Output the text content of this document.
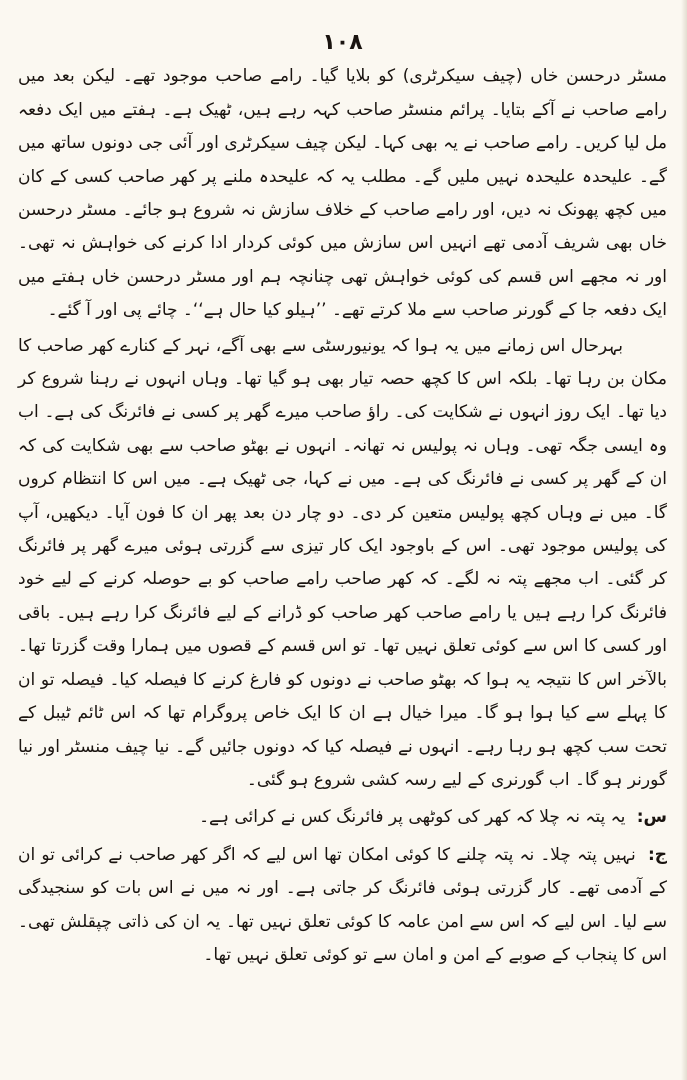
۱۰۸

مسٹر درحسن خاں (چیف سیکرٹری) کو بلایا گیا۔ رامے صاحب موجود تھے۔ لیکن بعد میں رامے صاحب نے آکے بتایا۔ پرائم منسٹر صاحب کہہ رہے ہیں، ٹھیک ہے۔ ہفتے میں ایک دفعہ مل لیا کریں۔ رامے صاحب نے یہ بھی کہا۔ لیکن چیف سیکرٹری اور آئی جی دونوں ساتھ میں گے۔ علیحدہ علیحدہ نہیں ملیں گے۔ مطلب یہ کہ علیحدہ ملنے پر کھر صاحب کسی کے کان میں کچھ پھونک نہ دیں، اور رامے صاحب کے خلاف سازش نہ شروع ہو جائے۔ مسٹر درحسن خاں بھی شریف آدمی تھے انہیں اس سازش میں کوئی کردار ادا کرنے کی خواہش نہ تھی۔ اور نہ مجھے اس قسم کی کوئی خواہش تھی چنانچہ ہم اور مسٹر درحسن خاں ہفتے میں ایک دفعہ جا کے گورنر صاحب سے ملا کرتے تھے۔ ’’ہیلو کیا حال ہے‘‘۔ چائے پی اور آ گئے۔

بہرحال اس زمانے میں یہ ہوا کہ یونیورسٹی سے بھی آگے، نہر کے کنارے کھر صاحب کا مکان بن رہا تھا۔ بلکہ اس کا کچھ حصہ تیار بھی ہو گیا تھا۔ وہاں انہوں نے رہنا شروع کر دیا تھا۔ ایک روز انہوں نے شکایت کی۔ راؤ صاحب میرے گھر پر کسی نے فائرنگ کی ہے۔ اب وہ ایسی جگہ تھی۔ وہاں نہ پولیس نہ تھانہ۔ انہوں نے بھٹو صاحب سے بھی شکایت کی کہ ان کے گھر پر کسی نے فائرنگ کی ہے۔ میں نے کہا، جی ٹھیک ہے۔ میں اس کا انتظام کروں گا۔ میں نے وہاں کچھ پولیس متعین کر دی۔ دو چار دن بعد پھر ان کا فون آیا۔ دیکھیں، آپ کی پولیس موجود تھی۔ اس کے باوجود ایک کار تیزی سے گزرتی ہوئی میرے گھر پر فائرنگ کر گئی۔ اب مجھے پتہ نہ لگے۔ کہ کھر صاحب رامے صاحب کو بے حوصلہ کرنے کے لیے خود فائرنگ کرا رہے ہیں یا رامے صاحب کھر صاحب کو ڈرانے کے لیے فائرنگ کرا رہے ہیں۔ باقی اور کسی کا اس سے کوئی تعلق نہیں تھا۔ تو اس قسم کے قصوں میں ہمارا وقت گزرتا تھا۔ بالآخر اس کا نتیجہ یہ ہوا کہ بھٹو صاحب نے دونوں کو فارغ کرنے کا فیصلہ کیا۔ فیصلہ تو ان کا پہلے سے کیا ہوا ہو گا۔ میرا خیال ہے ان کا ایک خاص پروگرام تھا کہ اس ٹائم ٹیبل کے تحت سب کچھ ہو رہا رہے۔ انہوں نے فیصلہ کیا کہ دونوں جائیں گے۔ نیا چیف منسٹر اور نیا گورنر ہو گا۔ اب گورنری کے لیے رسہ کشی شروع ہو گئی۔

س: یہ پتہ نہ چلا کہ کھر کی کوٹھی پر فائرنگ کس نے کرائی ہے۔

ج: نہیں پتہ چلا۔ نہ پتہ چلنے کا کوئی امکان تھا اس لیے کہ اگر کھر صاحب نے کرائی تو ان کے آدمی تھے۔ کار گزرتی ہوئی فائرنگ کر جاتی ہے۔ اور نہ میں نے اس بات کو سنجیدگی سے لیا۔ اس لیے کہ اس سے امن عامہ کا کوئی تعلق نہیں تھا۔ یہ ان کی ذاتی چپقلش تھی۔ اس کا پنجاب کے صوبے کے امن و امان سے تو کوئی تعلق نہیں تھا۔
